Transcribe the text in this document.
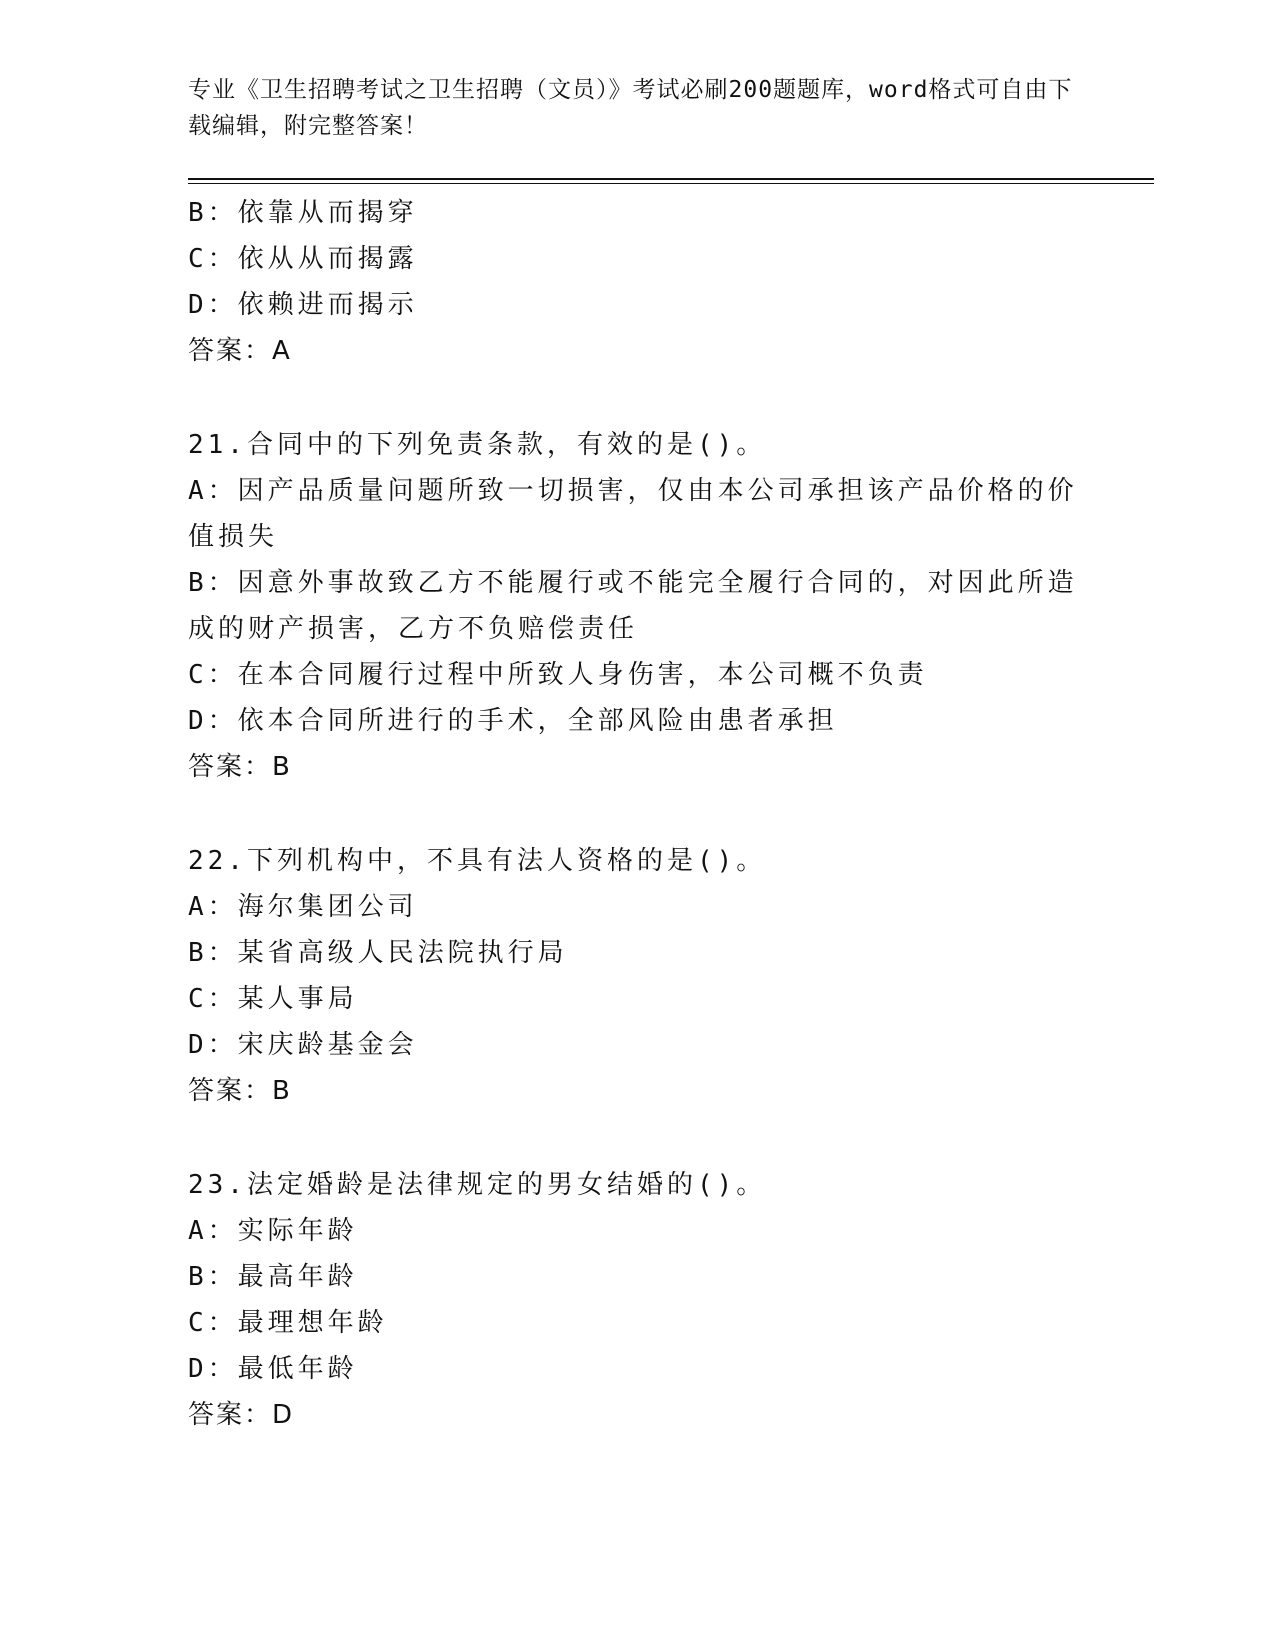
专业《卫生招聘考试之卫生招聘（文员）》考试必刷200题题库，word格式可自由下载编辑，附完整答案！
B：依靠从而揭穿
C：依从从而揭露
D：依赖进而揭示
答案：A
21.合同中的下列免责条款，有效的是()。
A：因产品质量问题所致一切损害，仅由本公司承担该产品价格的价值损失
B：因意外事故致乙方不能履行或不能完全履行合同的，对因此所造成的财产损害，乙方不负赔偿责任
C：在本合同履行过程中所致人身伤害，本公司概不负责
D：依本合同所进行的手术，全部风险由患者承担
答案：B
22.下列机构中，不具有法人资格的是()。
A：海尔集团公司
B：某省高级人民法院执行局
C：某人事局
D：宋庆龄基金会
答案：B
23.法定婚龄是法律规定的男女结婚的()。
A：实际年龄
B：最高年龄
C：最理想年龄
D：最低年龄
答案：D
